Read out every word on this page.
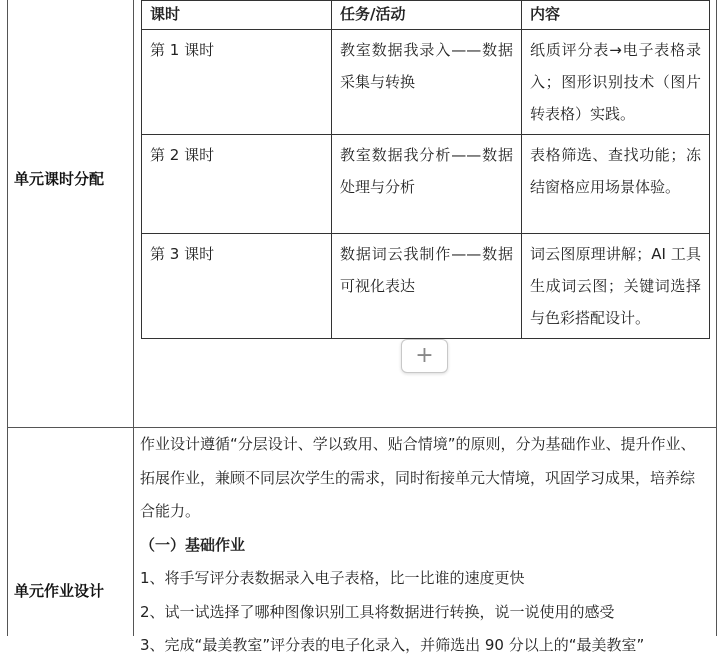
单元课时分配
课时	任务/活动	内容
第 1 课时	教室数据我录入——数据采集与转换	纸质评分表→电子表格录入；图形识别技术（图片转表格）实践。
第 2 课时	教室数据我分析——数据处理与分析	表格筛选、查找功能；冻结窗格应用场景体验。
第 3 课时	数据词云我制作——数据可视化表达	词云图原理讲解；AI 工具生成词云图；关键词选择与色彩搭配设计。
+
单元作业设计

作业设计遵循“分层设计、学以致用、贴合情境”的原则，分为基础作业、提升作业、拓展作业，兼顾不同层次学生的需求，同时衔接单元大情境，巩固学习成果，培养综合能力。

（一）基础作业

1、将手写评分表数据录入电子表格，比一比谁的速度更快

2、试一试选择了哪种图像识别工具将数据进行转换，说一说使用的感受

3、完成“最美教室”评分表的电子化录入，并筛选出 90 分以上的“最美教室”
